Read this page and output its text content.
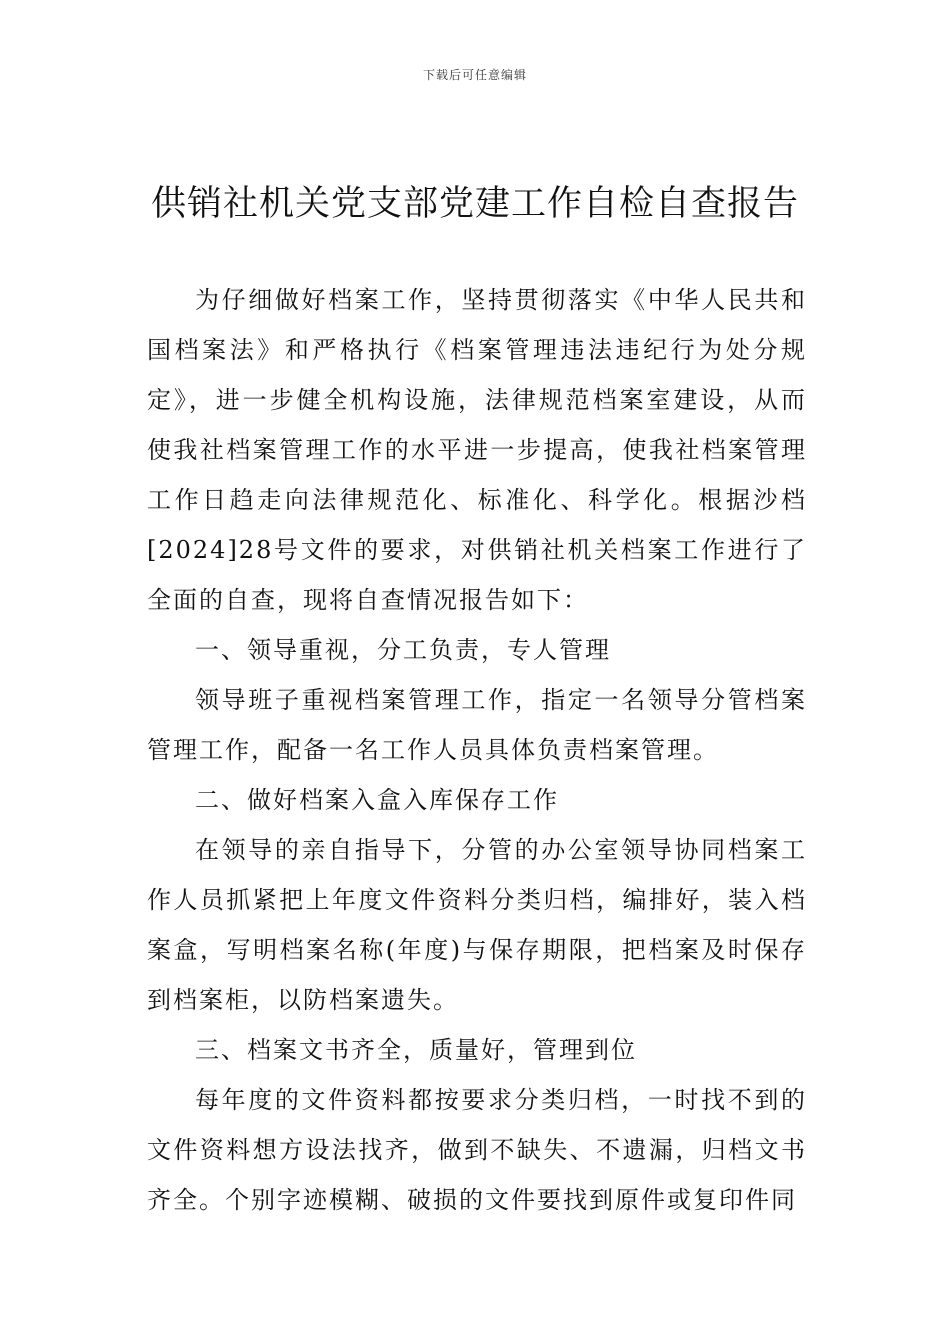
下载后可任意编辑
供销社机关党支部党建工作自检自查报告

为仔细做好档案工作，坚持贯彻落实《中华人民共和国档案法》和严格执行《档案管理违法违纪行为处分规定》，进一步健全机构设施，法律规范档案室建设，从而使我社档案管理工作的水平进一步提高，使我社档案管理工作日趋走向法律规范化、标准化、科学化。根据沙档[2024]28号文件的要求，对供销社机关档案工作进行了全面的自查，现将自查情况报告如下：

一、领导重视，分工负责，专人管理

领导班子重视档案管理工作，指定一名领导分管档案管理工作，配备一名工作人员具体负责档案管理。

二、做好档案入盒入库保存工作

在领导的亲自指导下，分管的办公室领导协同档案工作人员抓紧把上年度文件资料分类归档，编排好，装入档案盒，写明档案名称(年度)与保存期限，把档案及时保存到档案柜，以防档案遗失。

三、档案文书齐全，质量好，管理到位

每年度的文件资料都按要求分类归档，一时找不到的文件资料想方设法找齐，做到不缺失、不遗漏，归档文书齐全。个别字迹模糊、破损的文件要找到原件或复印件同
